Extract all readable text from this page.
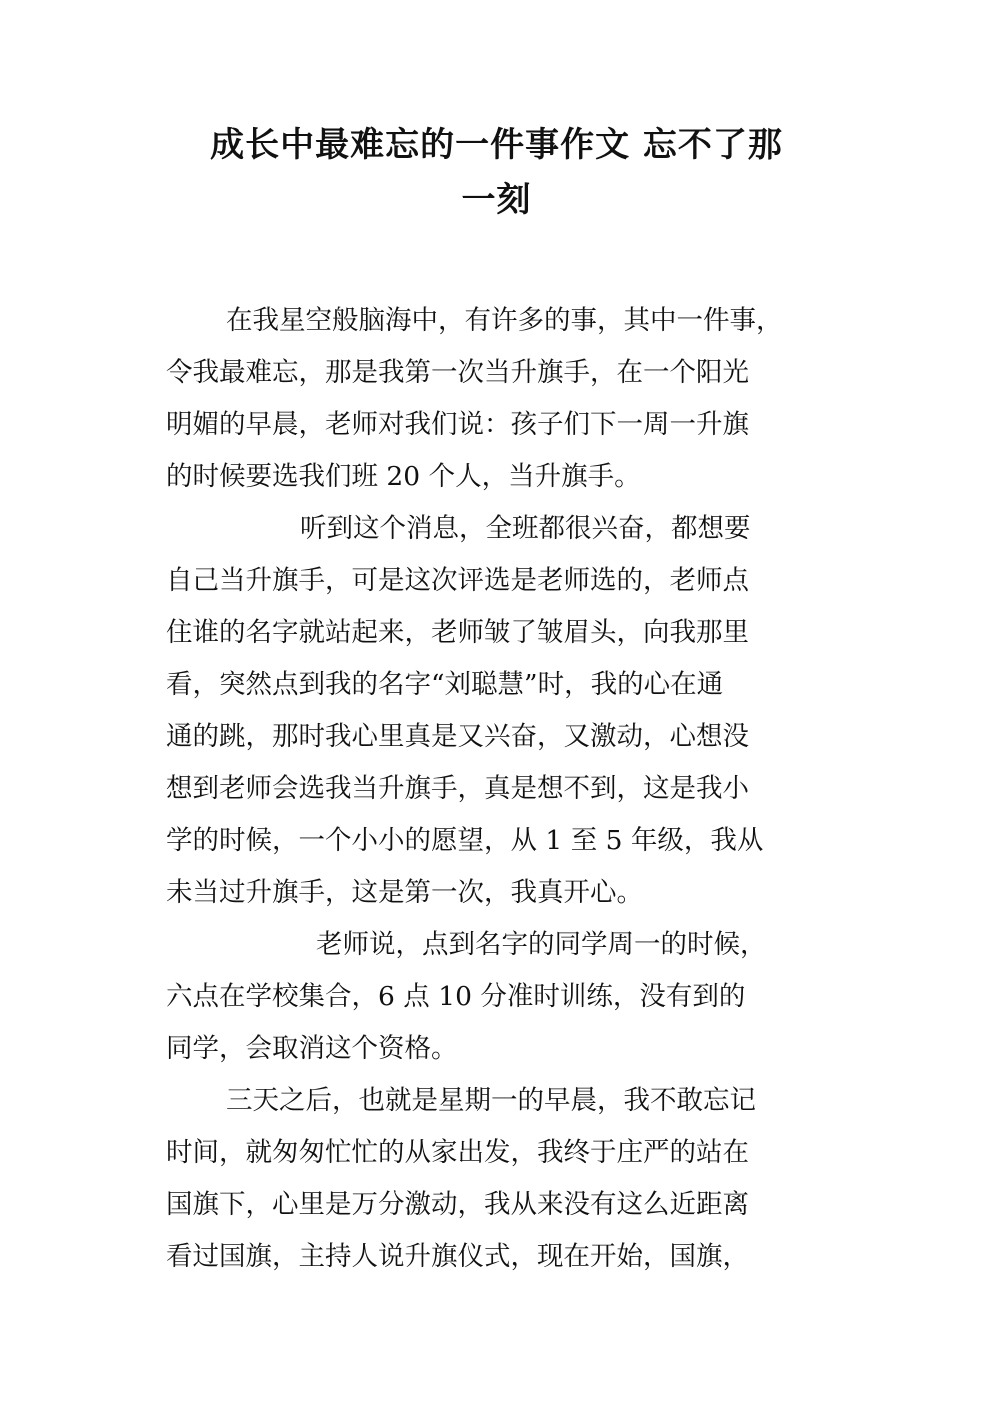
成长中最难忘的一件事作文 忘不了那
一刻
在我星空般脑海中，有许多的事，其中一件事，
令我最难忘，那是我第一次当升旗手，在一个阳光
明媚的早晨，老师对我们说：孩子们下一周一升旗
的时候要选我们班 20 个人，当升旗手。
听到这个消息，全班都很兴奋，都想要
自己当升旗手，可是这次评选是老师选的，老师点
住谁的名字就站起来，老师皱了皱眉头，向我那里
看，突然点到我的名字“刘聪慧”时，我的心在通
通的跳，那时我心里真是又兴奋，又激动，心想没
想到老师会选我当升旗手，真是想不到，这是我小
学的时候，一个小小的愿望，从 1 至 5 年级，我从
未当过升旗手，这是第一次，我真开心。
老师说，点到名字的同学周一的时候，
六点在学校集合，6 点 10 分准时训练，没有到的
同学，会取消这个资格。
三天之后，也就是星期一的早晨，我不敢忘记
时间，就匆匆忙忙的从家出发，我终于庄严的站在
国旗下，心里是万分激动，我从来没有这么近距离
看过国旗，主持人说升旗仪式，现在开始，国旗，
